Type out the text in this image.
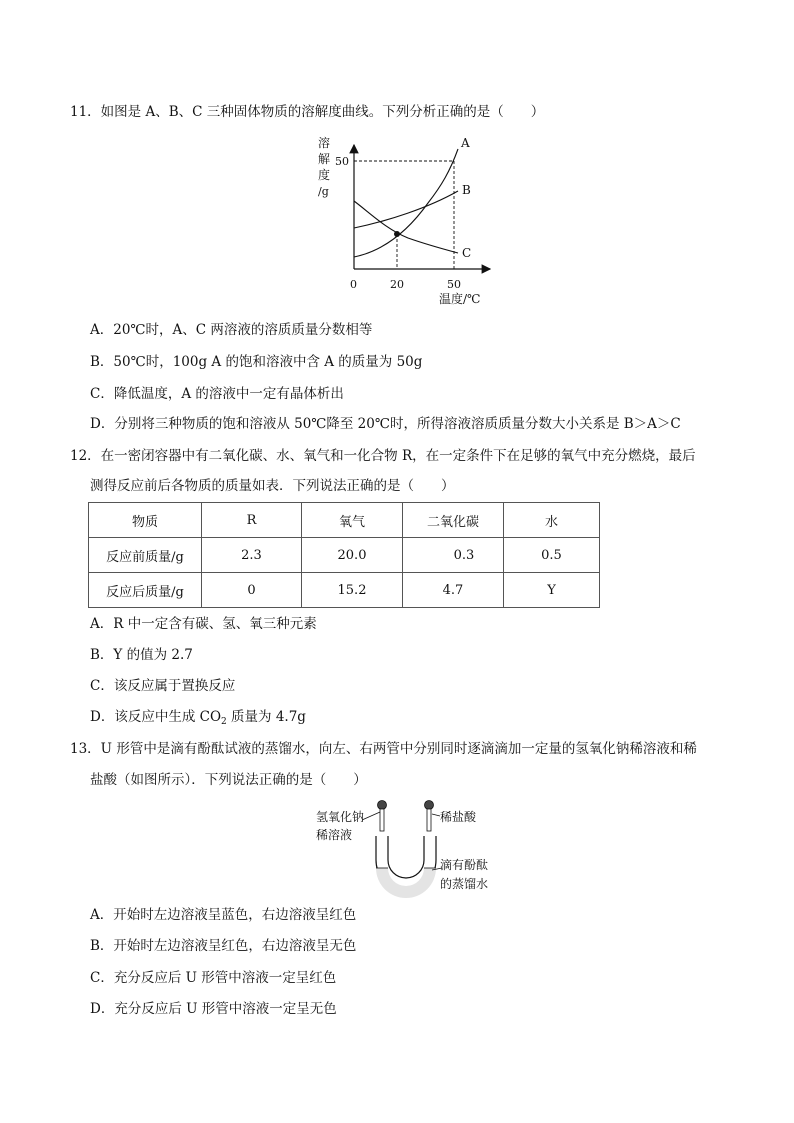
11．如图是 A、B、C 三种固体物质的溶解度曲线。下列分析正确的是（　　）
溶
解
度
/g
50
0	20	50
温度/℃
A
B
C
A．20℃时，A、C 两溶液的溶质质量分数相等
B．50℃时，100g A 的饱和溶液中含 A 的质量为 50g
C．降低温度，A 的溶液中一定有晶体析出
D．分别将三种物质的饱和溶液从 50℃降至 20℃时，所得溶液溶质质量分数大小关系是 B＞A＞C
12．在一密闭容器中有二氧化碳、水、氧气和一化合物 R，在一定条件下在足够的氧气中充分燃烧，最后
测得反应前后各物质的质量如表．下列说法正确的是（　　）
物质	R	氧气	二氧化碳	水
反应前质量/g	2.3	20.0	0.3	0.5
反应后质量/g	0	15.2	4.7	Y
A．R 中一定含有碳、氢、氧三种元素
B．Y 的值为 2.7
C．该反应属于置换反应
D．该反应中生成 $CO_2$ 质量为 4.7g
13．U 形管中是滴有酚酞试液的蒸馏水，向左、右两管中分别同时逐滴滴加一定量的氢氧化钠稀溶液和稀
盐酸（如图所示）．下列说法正确的是（　　）
氢氧化钠
稀溶液
稀盐酸
滴有酚酞
的蒸馏水
A．开始时左边溶液呈蓝色，右边溶液呈红色
B．开始时左边溶液呈红色，右边溶液呈无色
C．充分反应后 U 形管中溶液一定呈红色
D．充分反应后 U 形管中溶液一定呈无色
